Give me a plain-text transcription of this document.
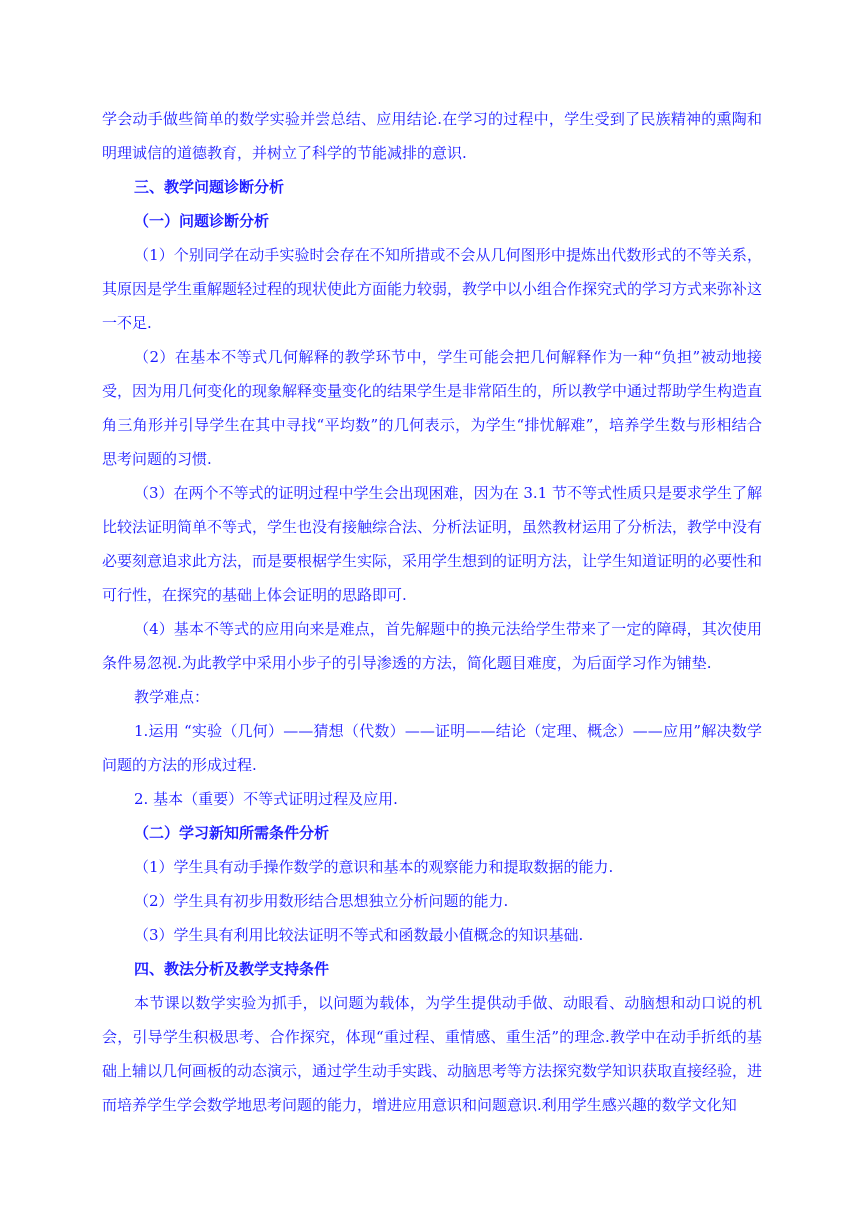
学会动手做些简单的数学实验并尝总结、应用结论.在学习的过程中，学生受到了民族精神的熏陶和明理诚信的道德教育，并树立了科学的节能减排的意识.

三、教学问题诊断分析

（一）问题诊断分析

（1）个别同学在动手实验时会存在不知所措或不会从几何图形中提炼出代数形式的不等关系，其原因是学生重解题轻过程的现状使此方面能力较弱，教学中以小组合作探究式的学习方式来弥补这一不足.

（2）在基本不等式几何解释的教学环节中，学生可能会把几何解释作为一种“负担”被动地接受，因为用几何变化的现象解释变量变化的结果学生是非常陌生的，所以教学中通过帮助学生构造直角三角形并引导学生在其中寻找“平均数”的几何表示，为学生“排忧解难”，培养学生数与形相结合思考问题的习惯.

（3）在两个不等式的证明过程中学生会出现困难，因为在 3.1 节不等式性质只是要求学生了解比较法证明简单不等式，学生也没有接触综合法、分析法证明，虽然教材运用了分析法，教学中没有必要刻意追求此方法，而是要根椐学生实际，采用学生想到的证明方法，让学生知道证明的必要性和可行性，在探究的基础上体会证明的思路即可.

（4）基本不等式的应用向来是难点，首先解题中的换元法给学生带来了一定的障碍，其次使用条件易忽视.为此教学中采用小步子的引导渗透的方法，简化题目难度，为后面学习作为铺垫.

教学难点：

1.运用 “实验（几何）——猜想（代数）——证明——结论（定理、概念）——应用”解决数学问题的方法的形成过程.

2. 基本（重要）不等式证明过程及应用.

（二）学习新知所需条件分析

（1）学生具有动手操作数学的意识和基本的观察能力和提取数据的能力.

（2）学生具有初步用数形结合思想独立分析问题的能力.

（3）学生具有利用比较法证明不等式和函数最小值概念的知识基础.

四、教法分析及教学支持条件

本节课以数学实验为抓手，以问题为载体，为学生提供动手做、动眼看、动脑想和动口说的机会，引导学生积极思考、合作探究，体现“重过程、重情感、重生活”的理念.教学中在动手折纸的基础上辅以几何画板的动态演示，通过学生动手实践、动脑思考等方法探究数学知识获取直接经验，进而培养学生学会数学地思考问题的能力，增进应用意识和问题意识.利用学生感兴趣的数学文化知
